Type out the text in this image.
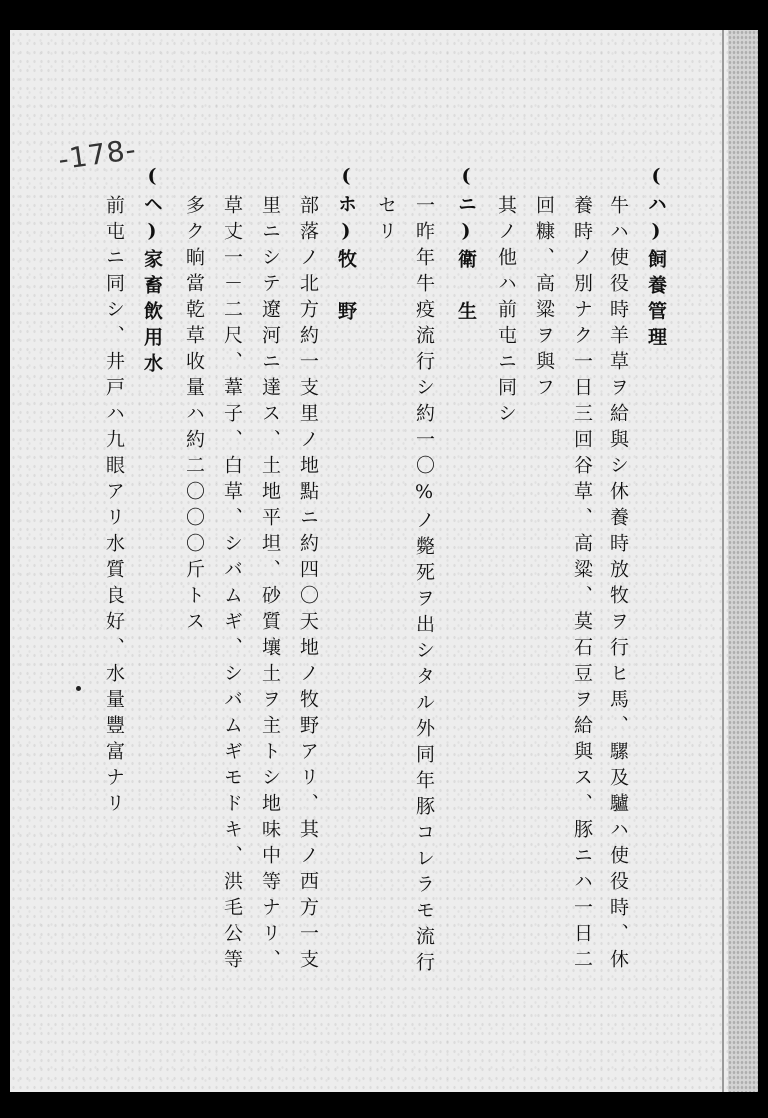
-178-
(ハ)飼養管理
牛ハ使役時羊草ヲ給與シ休養時放牧ヲ行ヒ馬、騾及驢ハ使役時、休
養時ノ別ナク一日三回谷草、高粱、莫石豆ヲ給與ス、豚ニハ一日二
回糠、高粱ヲ與フ
其ノ他ハ前屯ニ同シ
(ニ)衛　生
一昨年牛疫流行シ約一〇%ノ斃死ヲ出シタル外同年豚コレラモ流行
セリ
(ホ)牧　野
部落ノ北方約一支里ノ地點ニ約四〇天地ノ牧野アリ、其ノ西方一支
里ニシテ遼河ニ達ス、土地平坦、砂質壤土ヲ主トシ地味中等ナリ、
草丈一－二尺、葦子、白草、シバムギ、シバムギモドキ、洪毛公等
多ク晌當乾草收量ハ約二〇〇〇斤トス
(ヘ)家畜飲用水
前屯ニ同シ、井戸ハ九眼アリ水質良好、水量豐富ナリ
